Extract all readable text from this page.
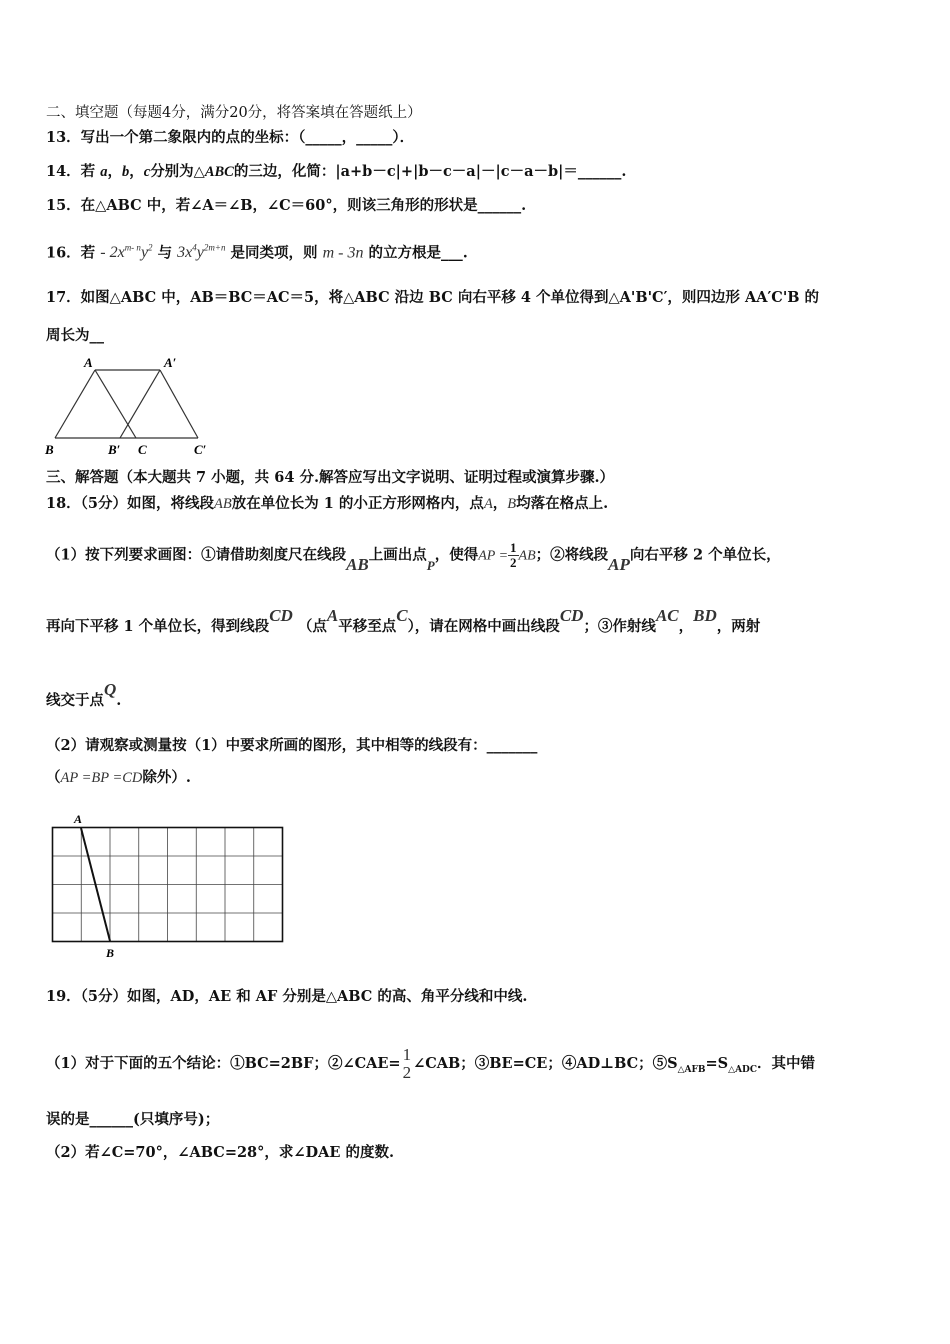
二、填空题（每题4分，满分20分，将答案填在答题纸上）
13．写出一个第二象限内的点的坐标：（_____，_____）．
14．若 a，b，c分别为△ABC的三边，化简：|a+b－c|+|b－c－a|－|c－a－b|＝______.
15．在△ABC 中，若∠A＝∠B，∠C＝60°，则该三角形的形状是______.
16．若 - $2x^{m- n}y^2$ 与 $3x^4y^{2m+n}$ 是同类项，则 m - 3n 的立方根是___.
17．如图△ABC 中，AB＝BC＝AC＝5，将△ABC 沿边 BC 向右平移 4 个单位得到△A'B'C′，则四边形 AA′C'B 的
周长为__
A	A′
B	B′ C	C′
三、解答题（本大题共 7 小题，共 64 分.解答应写出文字说明、证明过程或演算步骤.）
18．（5分）如图，将线段AB放在单位长为 1 的小正方形网格内，点A，B均落在格点上.
（1）按下列要求画图：①请借助刻度尺在线段AB上画出点P，使得AP = $\frac{1}{2}$ AB；②将线段AP向右平移 2 个单位长，
再向下平移 1 个单位长，得到线段CD （点A平移至点C），请在网格中画出线段CD；③作射线AC，BD，两射
线交于点Q.
（2）请观察或测量按（1）中要求所画的图形，其中相等的线段有：_______
（AP =BP =CD除外）.
A
B
19．（5分）如图，AD，AE 和 AF 分别是△ABC 的高、角平分线和中线.
（1）对于下面的五个结论：①BC=2BF；②∠CAE= 1
2 ∠CAB；③BE=CE；④AD⊥BC；$⑤S_{\triangle AFB}=S_{\triangle ADC}$．其中错
误的是______(只填序号)；
（2）若∠C=70°，∠ABC=28°，求∠DAE 的度数.
